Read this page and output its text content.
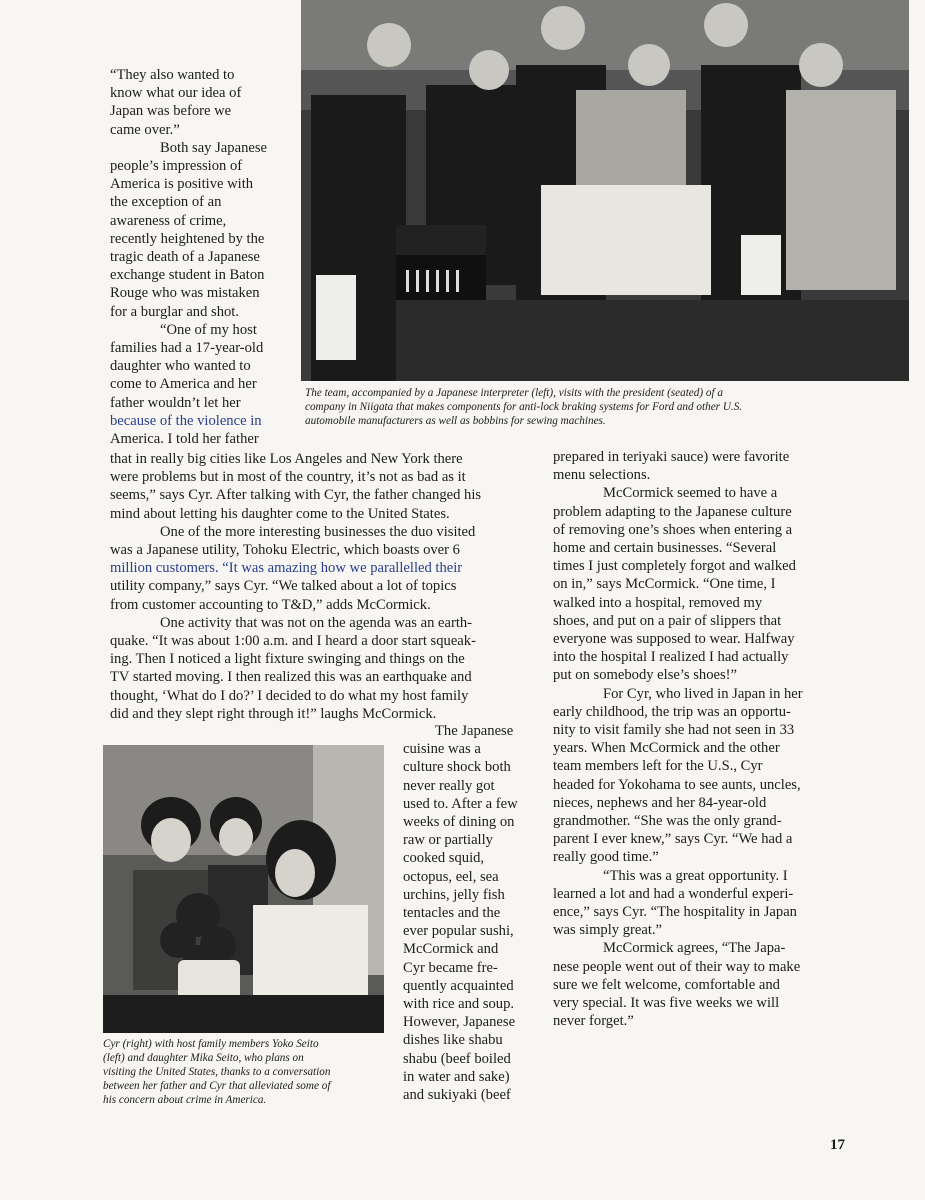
The team, accompanied by a Japanese interpreter (left), visits with the president (seated) of a

company in Niigata that makes components for anti-lock braking systems for Ford and other U.S.

automobile manufacturers as well as bobbins for sewing machines.

“They also wanted to

know what our idea of

Japan was before we

came over.”

Both say Japanese

people’s impression of

America is positive with

the exception of an

awareness of crime,

recently heightened by the

tragic death of a Japanese

exchange student in Baton

Rouge who was mistaken

for a burglar and shot.

“One of my host

families had a 17-year-old

daughter who wanted to

come to America and her

father wouldn’t let her

because of the violence in

America. I told her father

that in really big cities like Los Angeles and New York there

were problems but in most of the country, it’s not as bad as it

seems,” says Cyr. After talking with Cyr, the father changed his

mind about letting his daughter come to the United States.

One of the more interesting businesses the duo visited

was a Japanese utility, Tohoku Electric, which boasts over 6

million customers. “It was amazing how we parallelled their

utility company,” says Cyr. “We talked about a lot of topics

from customer accounting to T&D,” adds McCormick.

One activity that was not on the agenda was an earth-

quake. “It was about 1:00 a.m. and I heard a door start squeak-

ing. Then I noticed a light fixture swinging and things on the

TV started moving. I then realized this was an earthquake and

thought, ‘What do I do?’ I decided to do what my host family

did and they slept right through it!” laughs McCormick.

Cyr (right) with host family members Yoko Seito

(left) and daughter Mika Seito, who plans on

visiting the United States, thanks to a conversation

between her father and Cyr that alleviated some of

his concern about crime in America.

The Japanese

cuisine was a

culture shock both

never really got

used to. After a few

weeks of dining on

raw or partially

cooked squid,

octopus, eel, sea

urchins, jelly fish

tentacles and the

ever popular sushi,

McCormick and

Cyr became fre-

quently acquainted

with rice and soup.

However, Japanese

dishes like shabu

shabu (beef boiled

in water and sake)

and sukiyaki (beef

prepared in teriyaki sauce) were favorite

menu selections.

McCormick seemed to have a

problem adapting to the Japanese culture

of removing one’s shoes when entering a

home and certain businesses. “Several

times I just completely forgot and walked

on in,” says McCormick. “One time, I

walked into a hospital, removed my

shoes, and put on a pair of slippers that

everyone was supposed to wear. Halfway

into the hospital I realized I had actually

put on somebody else’s shoes!”

For Cyr, who lived in Japan in her

early childhood, the trip was an opportu-

nity to visit family she had not seen in 33

years. When McCormick and the other

team members left for the U.S., Cyr

headed for Yokohama to see aunts, uncles,

nieces, nephews and her 84-year-old

grandmother. “She was the only grand-

parent I ever knew,” says Cyr. “We had a

really good time.”

“This was a great opportunity. I

learned a lot and had a wonderful experi-

ence,” says Cyr. “The hospitality in Japan

was simply great.”

McCormick agrees, “The Japa-

nese people went out of their way to make

sure we felt welcome, comfortable and

very special. It was five weeks we will

never forget.”

17
